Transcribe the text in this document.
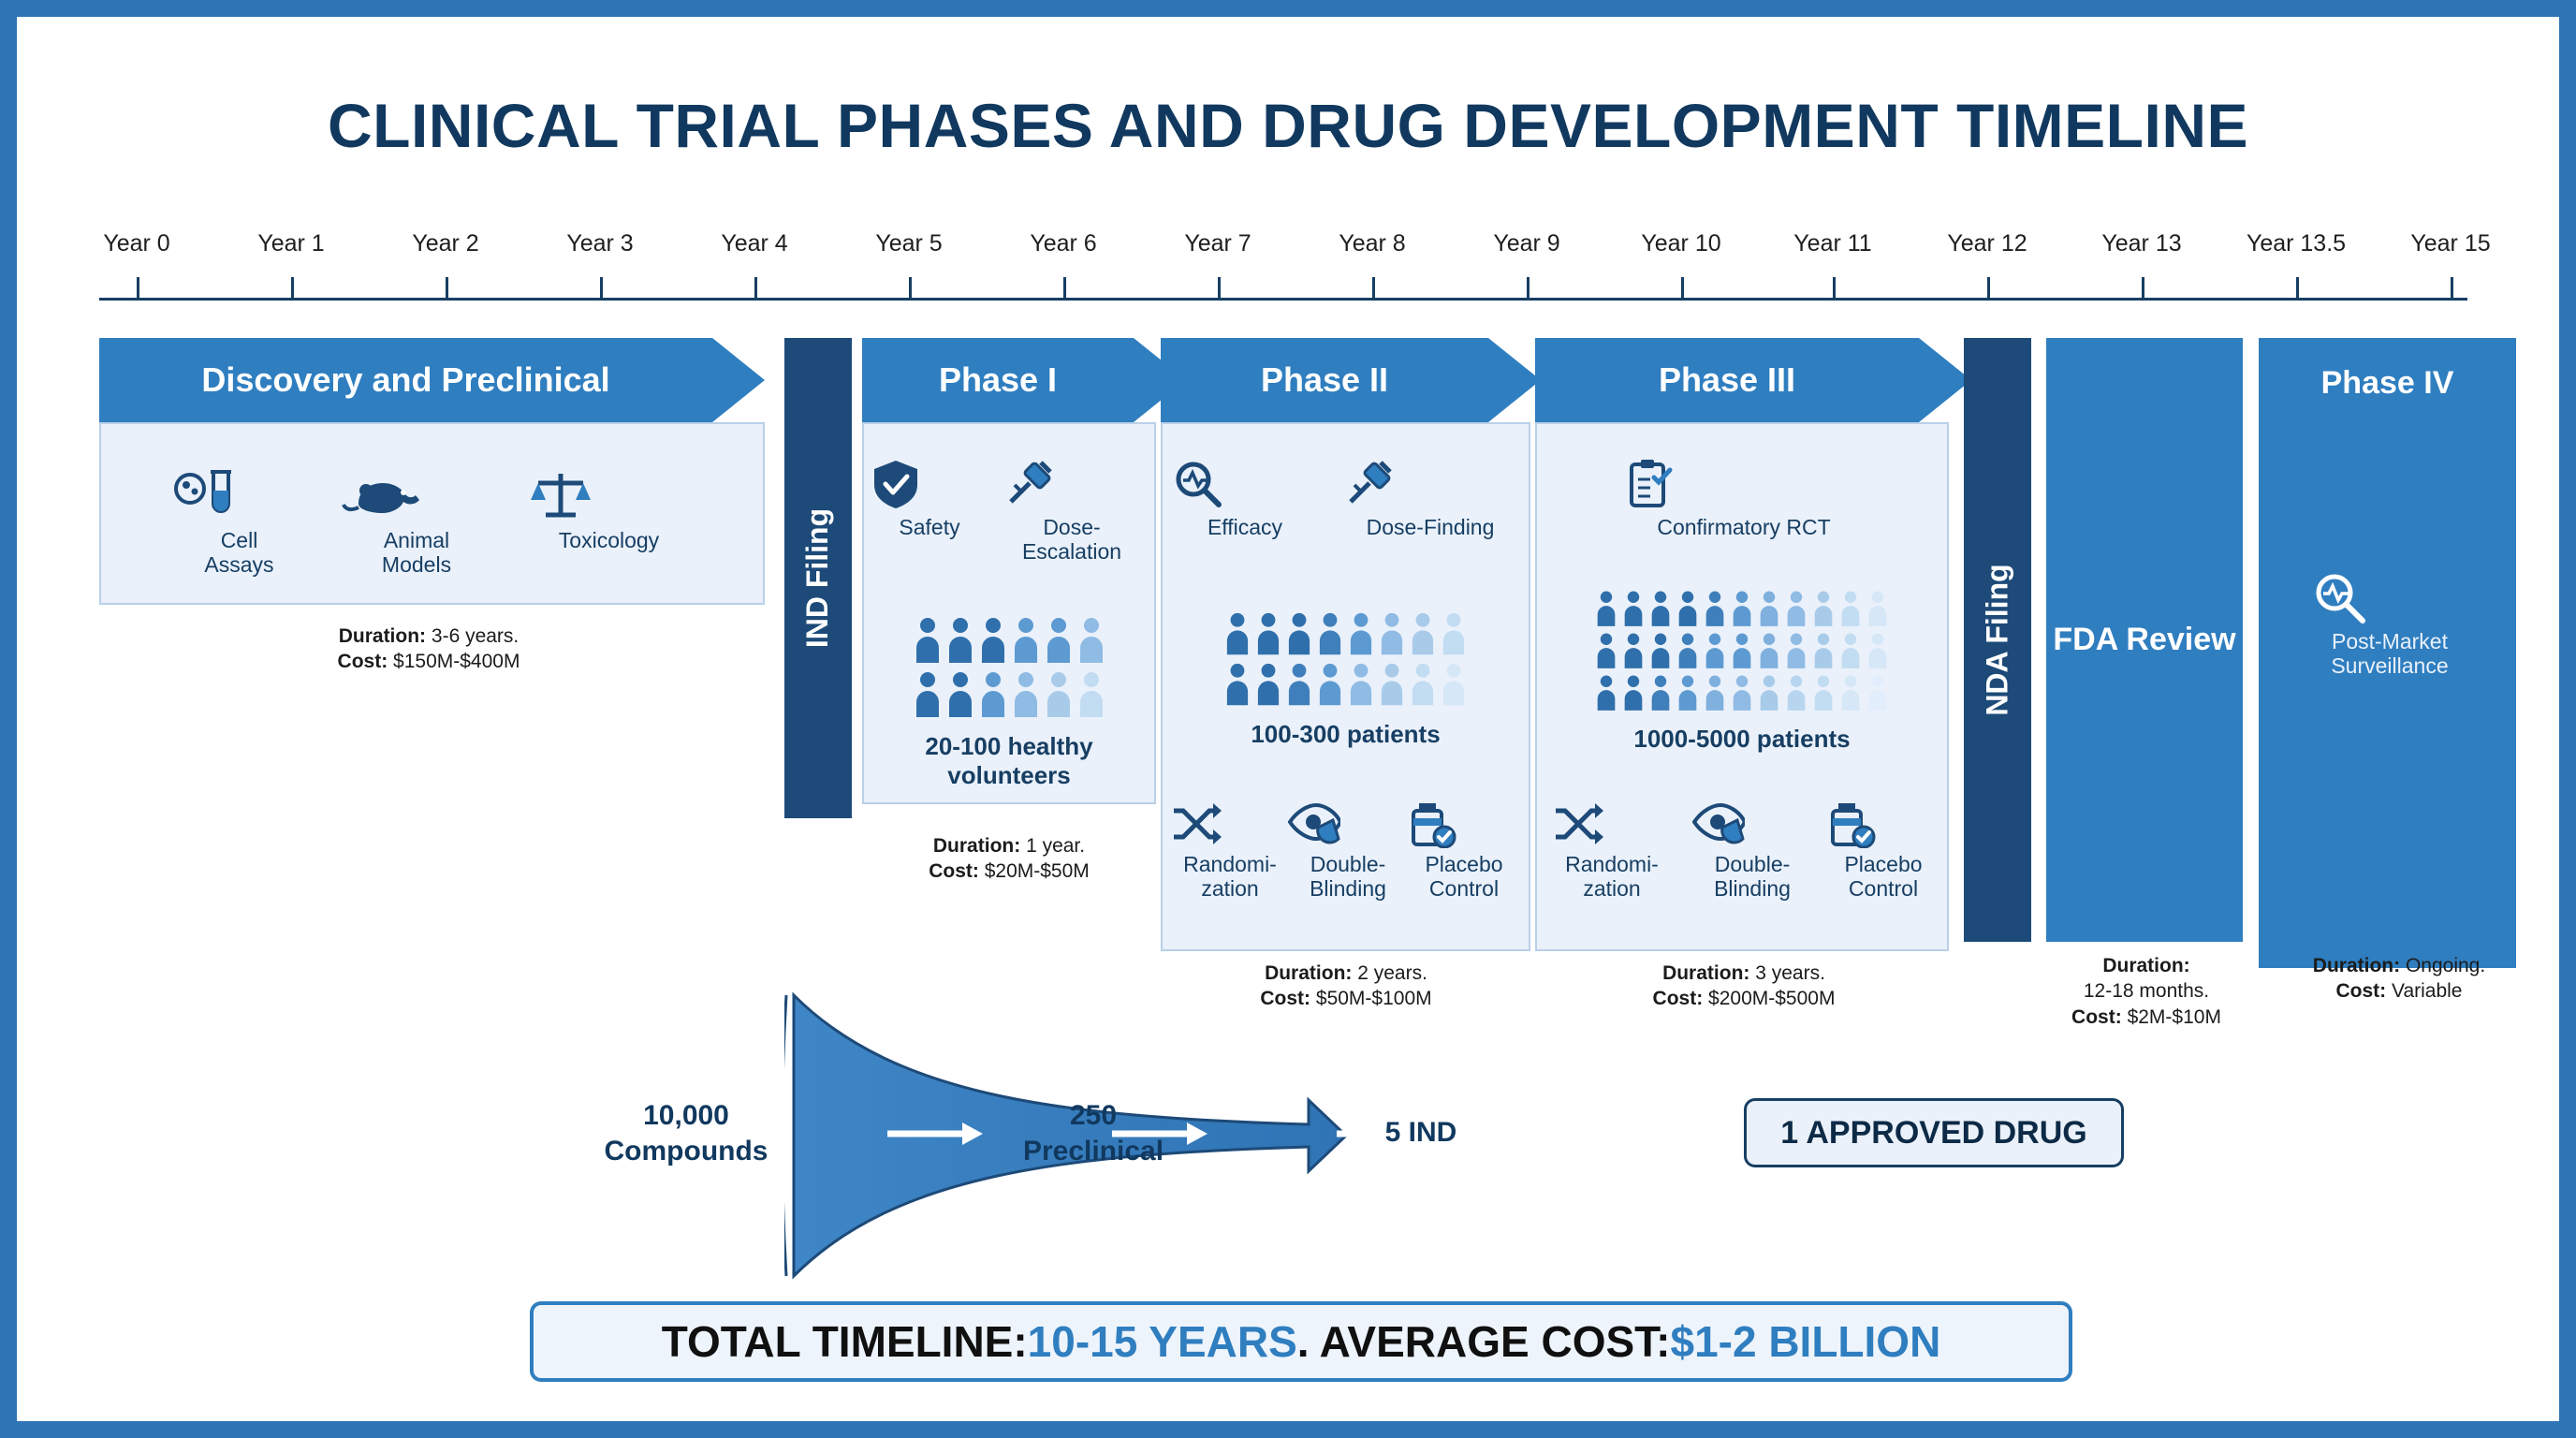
CLINICAL TRIAL PHASES AND DRUG DEVELOPMENT TIMELINE
Year 0	Year 1	Year 2	Year 3	Year 4	Year 5	Year 6	Year 7	Year 8	Year 9	Year 10	Year 11	Year 12	Year 13	Year 13.5	Year 15
Discovery and Preclinical
Cell
Assays
Animal
Models
Toxicology
Duration: 3-6 years.
Cost: $150M-$400M
IND Filing
Phase I
Safety	Dose-
Escalation
20-100 healthy volunteers
Duration: 1 year.
Cost: $20M-$50M
Phase II
Efficacy	Dose-Finding
100-300 patients
Randomi-
zation
Double-
Blinding
Placebo
Control
Duration: 2 years.
Cost: $50M-$100M
Phase III
Confirmatory RCT
1000-5000 patients
Randomi-
zation
Double-
Blinding
Placebo
Control
Duration: 3 years.
Cost: $200M-$500M
NDA Filing FDA Review
Duration:
12-18 months.
Cost: $2M-$10M
Phase IV
Post-Market
Surveillance
Duration: Ongoing.
Cost: Variable
10,000
Compounds
250
Preclinical
5 IND	1 APPROVED DRUG
TOTAL TIMELINE: 10-15 YEARS . AVERAGE COST: $1-2 BILLION
